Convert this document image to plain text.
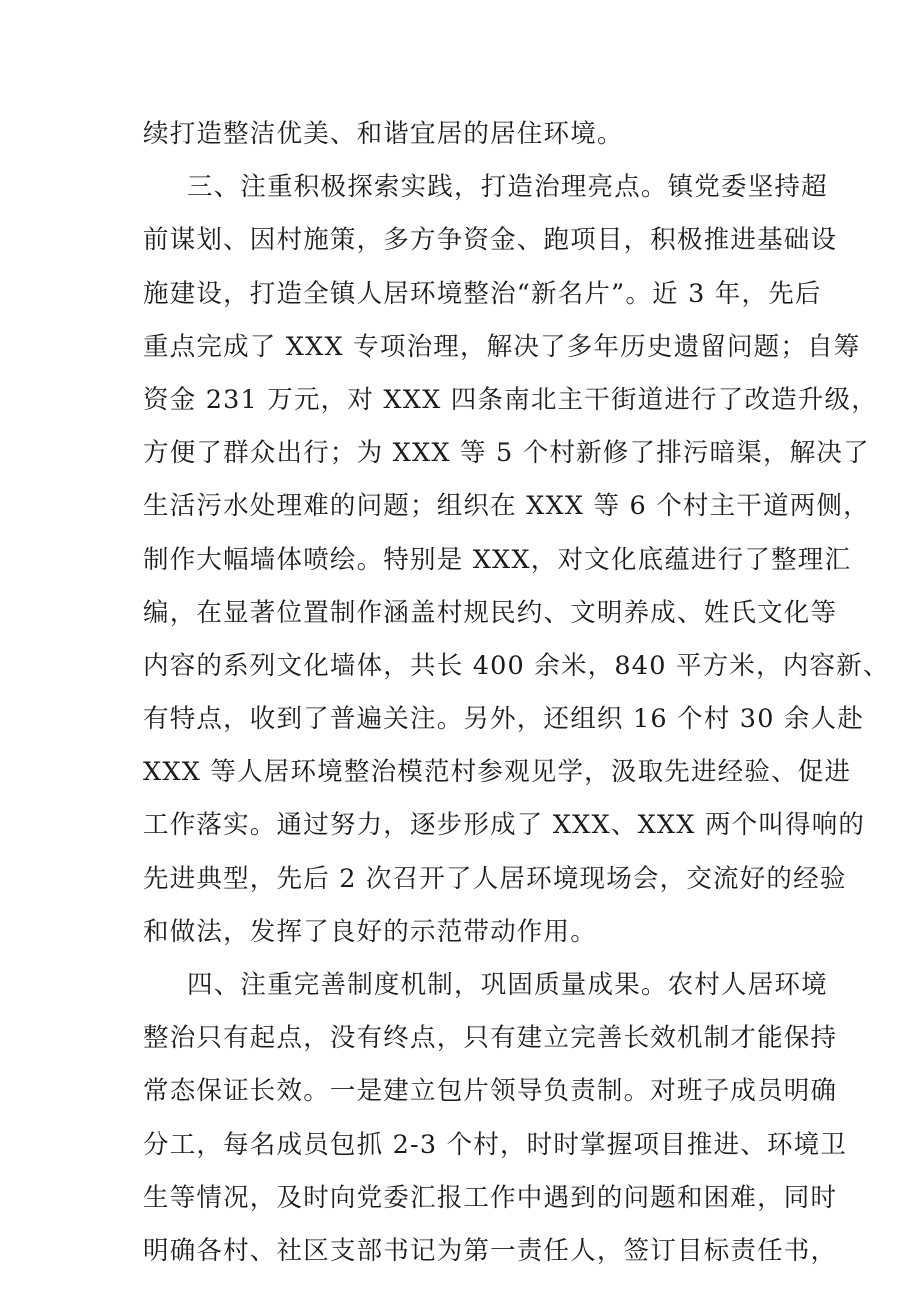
续打造整洁优美、和谐宜居的居住环境。
三、注重积极探索实践，打造治理亮点。镇党委坚持超
前谋划、因村施策，多方争资金、跑项目，积极推进基础设
施建设，打造全镇人居环境整治“新名片”。近 3 年，先后
重点完成了 XXX 专项治理，解决了多年历史遗留问题；自筹
资金 231 万元，对 XXX 四条南北主干街道进行了改造升级，
方便了群众出行；为 XXX 等 5 个村新修了排污暗渠，解决了
生活污水处理难的问题；组织在 XXX 等 6 个村主干道两侧，
制作大幅墙体喷绘。特别是 XXX，对文化底蕴进行了整理汇
编，在显著位置制作涵盖村规民约、文明养成、姓氏文化等
内容的系列文化墙体，共长 400 余米，840 平方米，内容新、
有特点，收到了普遍关注。另外，还组织 16 个村 30 余人赴
XXX 等人居环境整治模范村参观见学，汲取先进经验、促进
工作落实。通过努力，逐步形成了 XXX、XXX 两个叫得响的
先进典型，先后 2 次召开了人居环境现场会，交流好的经验
和做法，发挥了良好的示范带动作用。
四、注重完善制度机制，巩固质量成果。农村人居环境
整治只有起点，没有终点，只有建立完善长效机制才能保持
常态保证长效。一是建立包片领导负责制。对班子成员明确
分工，每名成员包抓 2-3 个村，时时掌握项目推进、环境卫
生等情况，及时向党委汇报工作中遇到的问题和困难，同时
明确各村、社区支部书记为第一责任人，签订目标责任书，
